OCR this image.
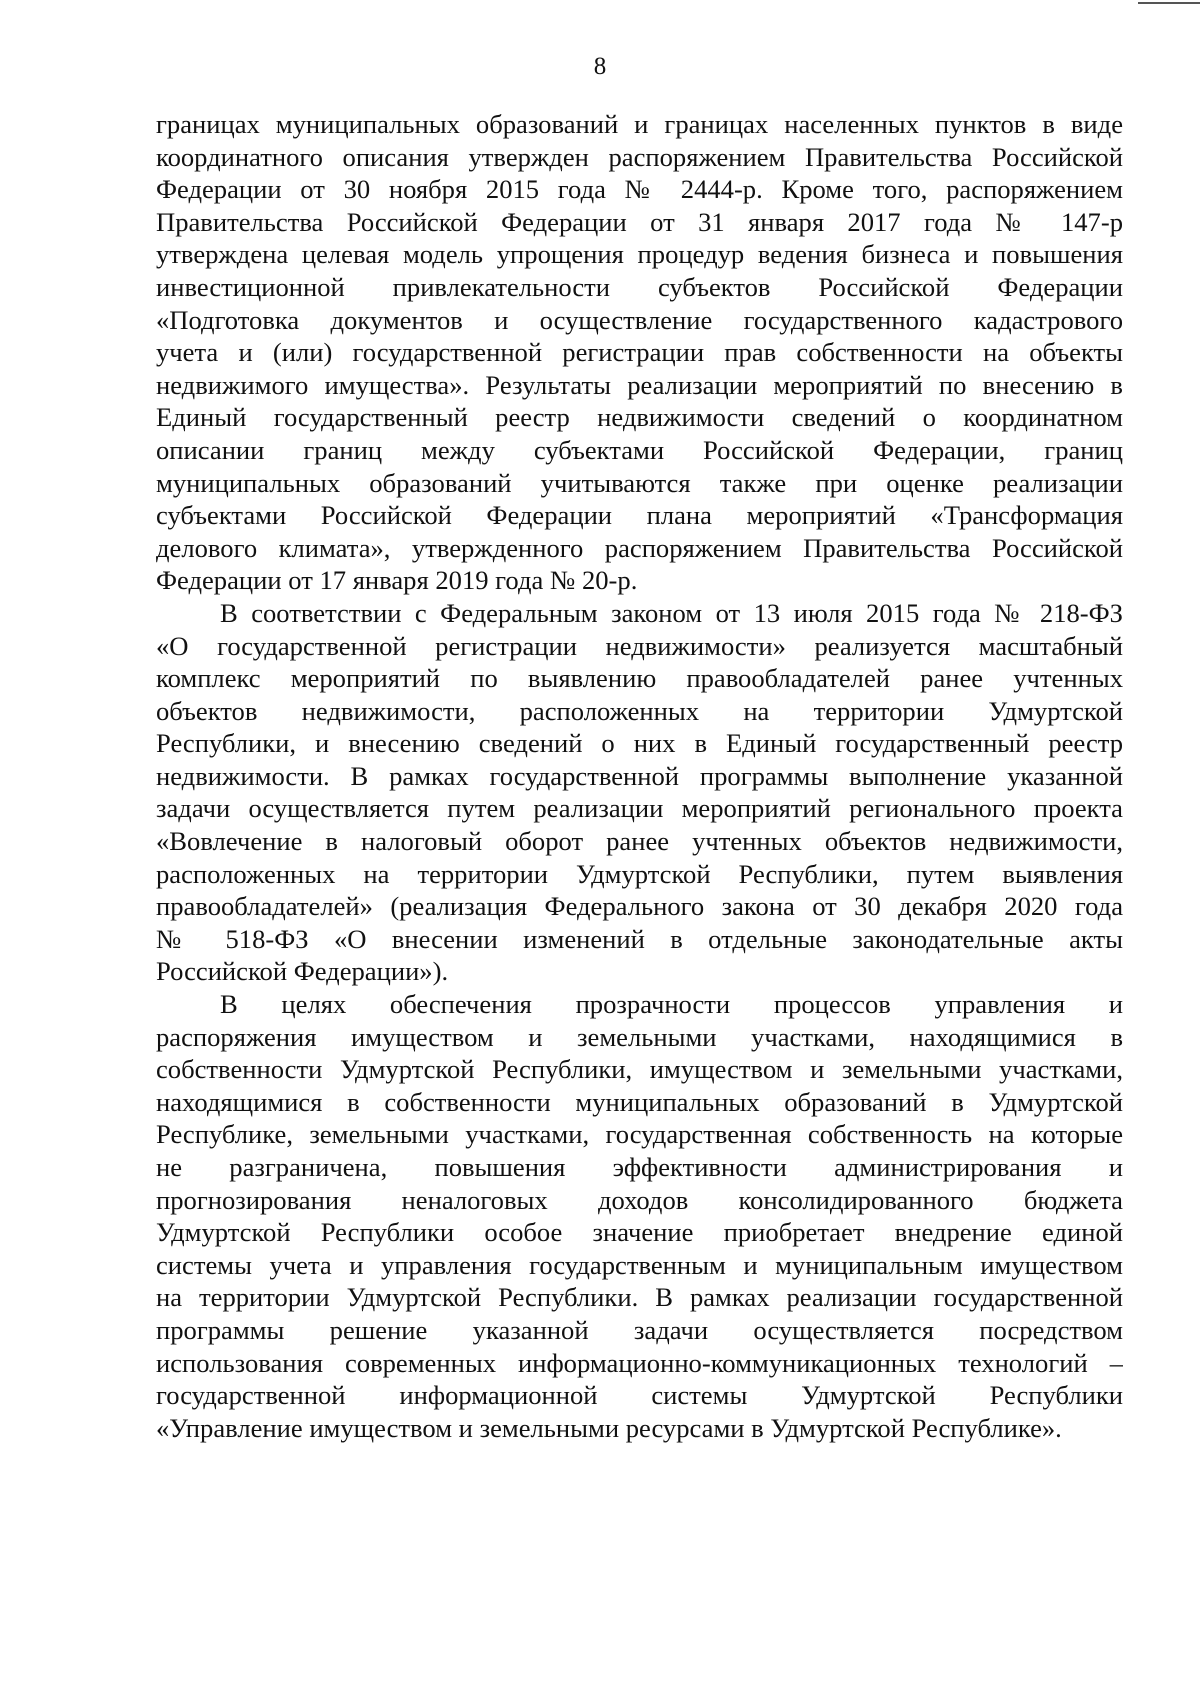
8
границах муниципальных образований и границах населенных пунктов в виде
координатного описания утвержден распоряжением Правительства Российской
Федерации от 30 ноября 2015 года № 2444-р. Кроме того, распоряжением
Правительства Российской Федерации от 31 января 2017 года № 147-р
утверждена целевая модель упрощения процедур ведения бизнеса и повышения
инвестиционной привлекательности субъектов Российской Федерации
«Подготовка документов и осуществление государственного кадастрового
учета и (или) государственной регистрации прав собственности на объекты
недвижимого имущества». Результаты реализации мероприятий по внесению в
Единый государственный реестр недвижимости сведений о координатном
описании границ между субъектами Российской Федерации, границ
муниципальных образований учитываются также при оценке реализации
субъектами Российской Федерации плана мероприятий «Трансформация
делового климата», утвержденного распоряжением Правительства Российской
Федерации от 17 января 2019 года № 20-р.
В соответствии с Федеральным законом от 13 июля 2015 года № 218-ФЗ
«О государственной регистрации недвижимости» реализуется масштабный
комплекс мероприятий по выявлению правообладателей ранее учтенных
объектов недвижимости, расположенных на территории Удмуртской
Республики, и внесению сведений о них в Единый государственный реестр
недвижимости. В рамках государственной программы выполнение указанной
задачи осуществляется путем реализации мероприятий регионального проекта
«Вовлечение в налоговый оборот ранее учтенных объектов недвижимости,
расположенных на территории Удмуртской Республики, путем выявления
правообладателей» (реализация Федерального закона от 30 декабря 2020 года
№ 518-ФЗ «О внесении изменений в отдельные законодательные акты
Российской Федерации»).
В целях обеспечения прозрачности процессов управления и
распоряжения имуществом и земельными участками, находящимися в
собственности Удмуртской Республики, имуществом и земельными участками,
находящимися в собственности муниципальных образований в Удмуртской
Республике, земельными участками, государственная собственность на которые
не разграничена, повышения эффективности администрирования и
прогнозирования неналоговых доходов консолидированного бюджета
Удмуртской Республики особое значение приобретает внедрение единой
системы учета и управления государственным и муниципальным имуществом
на территории Удмуртской Республики. В рамках реализации государственной
программы решение указанной задачи осуществляется посредством
использования современных информационно-коммуникационных технологий –
государственной информационной системы Удмуртской Республики
«Управление имуществом и земельными ресурсами в Удмуртской Республике».
